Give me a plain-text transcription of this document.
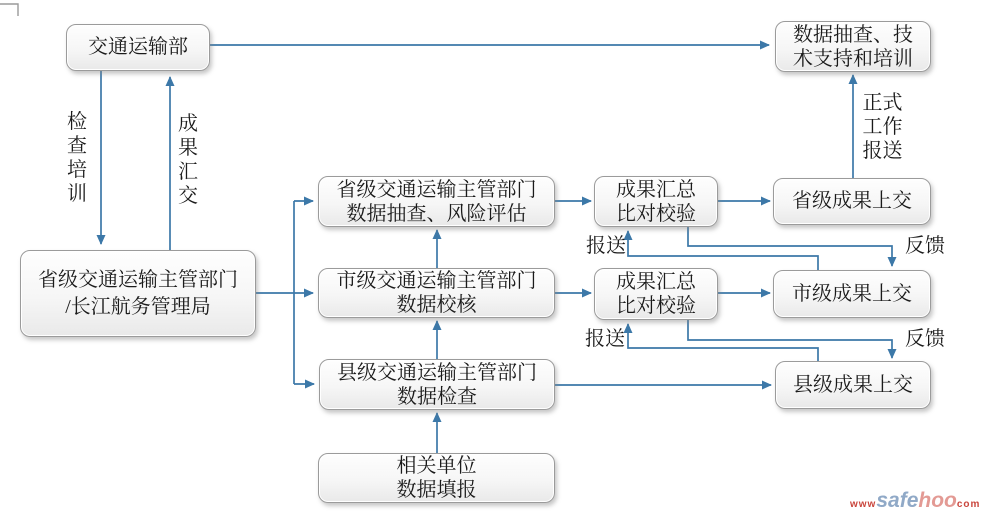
交通运输部
数据抽查、技
术支持和培训
省级交通运输主管部门
/长江航务管理局
省级交通运输主管部门
数据抽查、风险评估
市级交通运输主管部门
数据校核
县级交通运输主管部门
数据检查
相关单位
数据填报
成果汇总
比对校验
成果汇总
比对校验
省级成果上交
市级成果上交
县级成果上交
检查培训
成果汇交
正式工作报送
报送	反馈
报送	反馈
www safe hoo com
